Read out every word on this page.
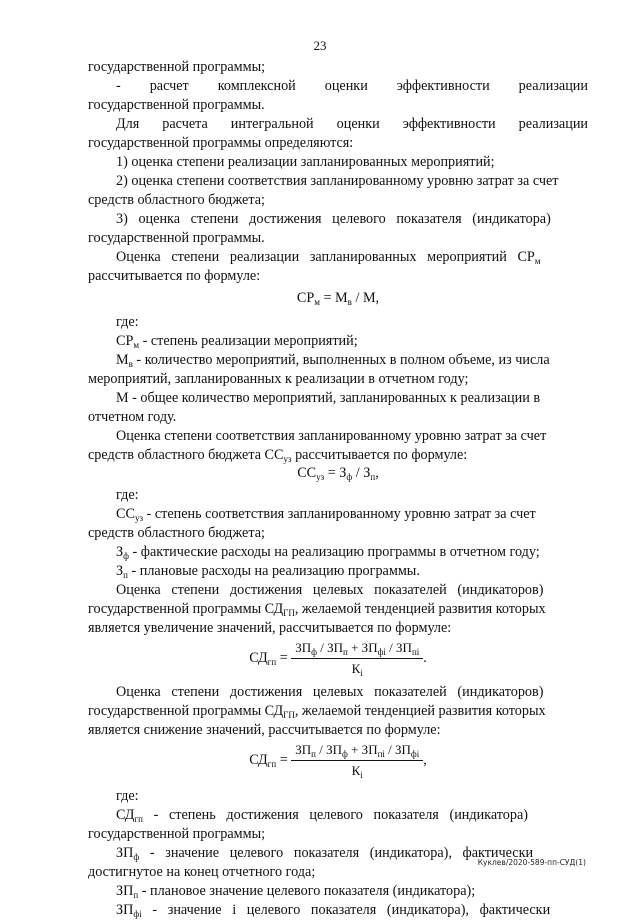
23

государственной программы;

-      расчет      комплексной      оценки      эффективности      реализации

государственной программы.

Для     расчета     интегральной     оценки     эффективности     реализации

государственной программы определяются:

1) оценка степени реализации запланированных мероприятий;

2) оценка степени соответствия запланированному уровню затрат за счет

средств областного бюджета;

3)   оценка   степени   достижения   целевого   показателя   (индикатора)

государственной программы.

Оценка   степени   реализации   запланированных   мероприятий   $СР_м$

рассчитывается по формуле:

$СР_м = М_в / М$,

где:

$СР_м$ - степень реализации мероприятий;

$М_в$ - количество мероприятий, выполненных в полном объеме, из числа

мероприятий, запланированных к реализации в отчетном году;

М - общее количество мероприятий, запланированных к реализации в

отчетном году.

Оценка степени соответствия запланированному уровню затрат за счет

средств областного бюджета $СС_{уз}$ рассчитывается по формуле:

$СС_{уз} = З_ф / З_п$,

где:

$СС_{уз}$ - степень соответствия запланированному уровню затрат за счет

средств областного бюджета;

$З_ф$ - фактические расходы на реализацию программы в отчетном году;

$З_п$ - плановые расходы на реализацию программы.

Оценка   степени   достижения   целевых   показателей   (индикаторов)

государственной программы $СД_{ГП}$, желаемой тенденцией развития которых

является увеличение значений, рассчитывается по формуле:

$СД_{гп} = \frac{ЗП_ф / ЗП_п + ЗП_{фi} / ЗП_{пi}}{К_i}$ .

Оценка   степени   достижения   целевых   показателей   (индикаторов)

государственной программы $СД_{ГП}$, желаемой тенденцией развития которых

является снижение значений, рассчитывается по формуле:

$СД_{гп} = \frac{ЗП_п / ЗП_ф + ЗП_{пi} / ЗП_{фi}}{К_i}$ ,

где:

$СД_{гп}$   -   степень   достижения   целевого   показателя   (индикатора)

государственной программы;

$ЗП_ф$   -   значение   целевого   показателя   (индикатора),   фактически

достигнутое на конец отчетного года;

$ЗП_п$ - плановое значение целевого показателя (индикатора);

$ЗП_{фi}$   -   значение   i   целевого   показателя   (индикатора),   фактически

Куклев/2020-589-пп-СУД(1)
